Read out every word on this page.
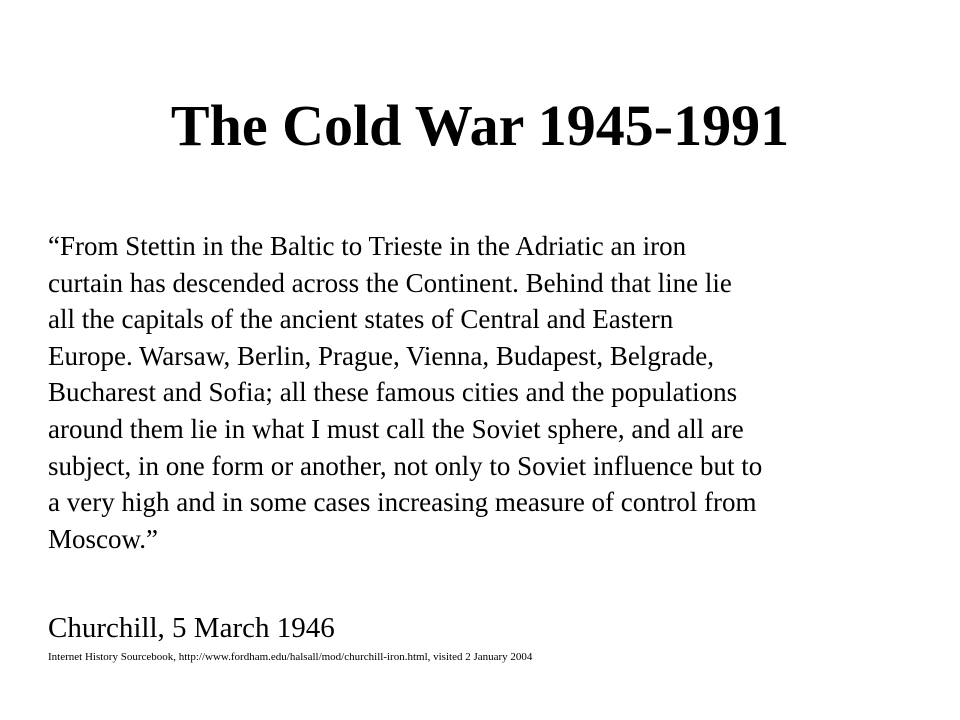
The Cold War 1945-1991
“From Stettin in the Baltic to Trieste in the Adriatic an iron
curtain has descended across the Continent. Behind that line lie
all the capitals of the ancient states of Central and Eastern
Europe. Warsaw, Berlin, Prague, Vienna, Budapest, Belgrade,
Bucharest and Sofia; all these famous cities and the populations
around them lie in what I must call the Soviet sphere, and all are
subject, in one form or another, not only to Soviet influence but to
a very high and in some cases increasing measure of control from
Moscow.”

Churchill, 5 March 1946

Internet History Sourcebook, http://www.fordham.edu/halsall/mod/churchill-iron.html, visited 2 January 2004
